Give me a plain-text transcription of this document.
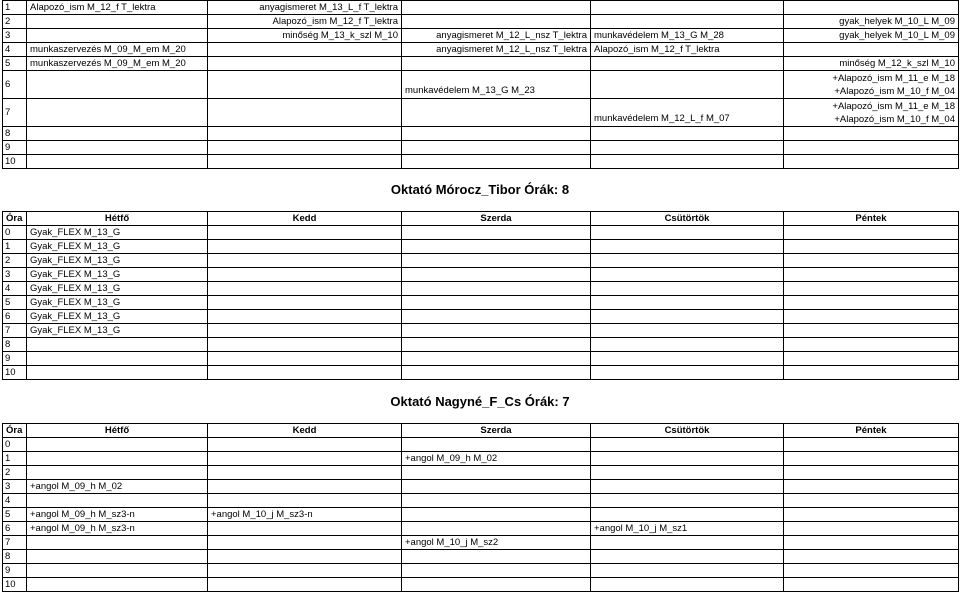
1	Alapozó_ism M_12_f T_lektra	anyagismeret M_13_L_f T_lektra			
2		Alapozó_ism M_12_f T_lektra			gyak_helyek M_10_L M_09
3		minőség M_13_k_szl M_10	anyagismeret M_12_L_nsz T_lektra	munkavédelem M_13_G M_28	gyak_helyek M_10_L M_09
4	munkaszervezés M_09_M_em M_20		anyagismeret M_12_L_nsz T_lektra	Alapozó_ism M_12_f T_lektra	
5	munkaszervezés M_09_M_em M_20				minőség M_12_k_szl M_10
6			munkavédelem M_13_G M_23		+Alapozó_ism M_11_e M_18
+Alapozó_ism M_10_f M_04

7				munkavédelem M_12_L_f M_07	+Alapozó_ism M_11_e M_18
+Alapozó_ism M_10_f M_04

8					
9					
10					
Oktató Mórocz_Tibor Órák: 8
Óra	Hétfő	Kedd	Szerda	Csütörtök	Péntek
0	Gyak_FLEX M_13_G				
1	Gyak_FLEX M_13_G				
2	Gyak_FLEX M_13_G				
3	Gyak_FLEX M_13_G				
4	Gyak_FLEX M_13_G				
5	Gyak_FLEX M_13_G				
6	Gyak_FLEX M_13_G				
7	Gyak_FLEX M_13_G				
8					
9					
10					
Oktató Nagyné_F_Cs Órák: 7
Óra	Hétfő	Kedd	Szerda	Csütörtök	Péntek
0					
1			+angol M_09_h M_02		
2					
3	+angol M_09_h M_02				
4					
5	+angol M_09_h M_sz3-n	+angol M_10_j M_sz3-n			
6	+angol M_09_h M_sz3-n			+angol M_10_j M_sz1	
7			+angol M_10_j M_sz2		
8					
9					
10					
